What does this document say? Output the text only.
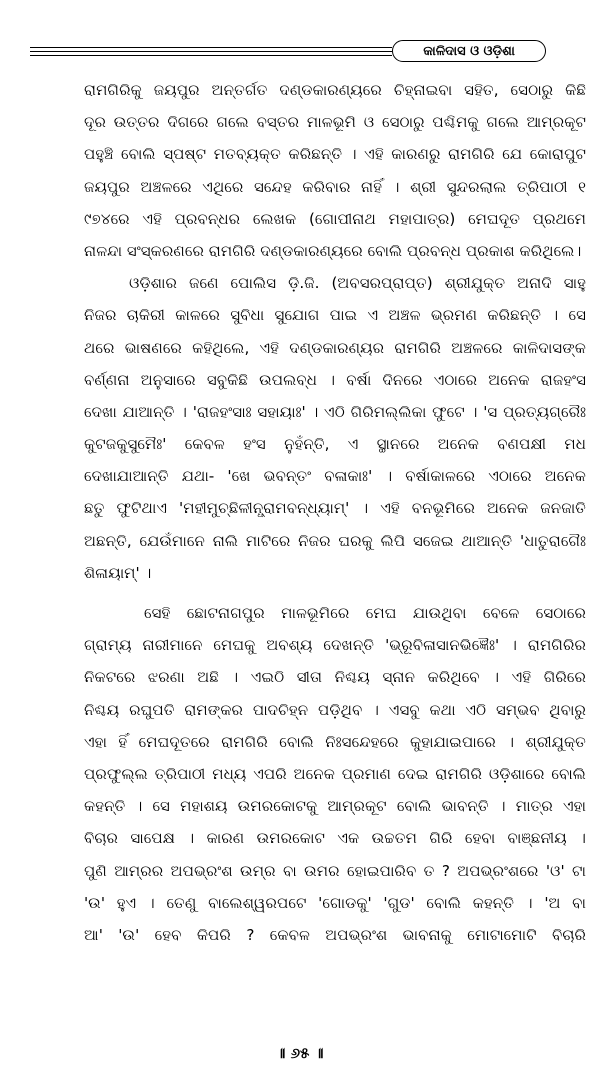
କାଳିଦାସ ଓ ଓଡ଼ିଶା
ରାମଗିରିକୁ ଜୟପୁର ଅନ୍ତର୍ଗତ ଦଣ୍ଡକାରଣ୍ୟରେ ଚିହ୍ନାଇବା ସହିତ, ସେଠାରୁ କିଛି
ଦୂର ଉତ୍ତର ଦିଗରେ ଗଲେ ବସ୍ତର ମାଳଭୂମି ଓ ସେଠାରୁ ପଶ୍ଚିମକୁ ଗଲେ ଆମ୍ରକୂଟ
ପହୁଞ୍ଚି ବୋଲି ସ୍ପଷ୍ଟ ମତବ୍ୟକ୍ତ କରିଛନ୍ତି । ଏହି କାରଣରୁ ରାମଗିରି ଯେ କୋରାପୁଟ
ଜୟପୁର ଅଞ୍ଚଳରେ ଏଥିରେ ସନ୍ଦେହ କରିବାର ନାହିଁ । ଶ୍ରୀ ସୁନ୍ଦରଲାଲ ତ୍ରିପାଠୀ ୧
୯୭୪ରେ ଏହି ପ୍ରବନ୍ଧର ଲେଖକ (ଗୋପୀନାଥ ମହାପାତ୍ର) ମେଘଦୂତ ପ୍ରଥମେ
ନାଳନ୍ଦା ସଂସ୍କରଣରେ ରାମଗିରି ଦଣ୍ଡକାରଣ୍ୟରେ ବୋଲି ପ୍ରବନ୍ଧ ପ୍ରକାଶ କରିଥିଲେ।
ଓଡ଼ିଶାର ଜଣେ ପୋଲିସ ଡ଼ି.ଜି. (ଅବସରପ୍ରାପ୍ତ) ଶ୍ରୀଯୁକ୍ତ ଅନାଦି ସାହୁ
ନିଜର ଚାକିରୀ କାଳରେ ସୁବିଧା ସୁଯୋଗ ପାଇ ଏ ଅଞ୍ଚଳ ଭ୍ରମଣ କରିଛନ୍ତି । ସେ
ଥରେ ଭାଷଣରେ କହିଥିଲେ, ଏହି ଦଣ୍ଡକାରଣ୍ୟର ରାମଗିରି ଅଞ୍ଚଳରେ କାଳିଦାସଙ୍କ
ବର୍ଣ୍ଣନା ଅନୁସାରେ ସବୁକିଛି ଉପଲବ୍ଧ । ବର୍ଷା ଦିନରେ ଏଠାରେ ଅନେକ ରାଜହଂସ
ଦେଖା ଯାଆନ୍ତି । 'ରାଜହଂସାଃ ସହାୟାଃ' । ଏଠି ଗିରିମଲ୍ଲିକା ଫୁଟେ । 'ସ ପ୍ରତ୍ୟଗ୍ରୈଃ
କୁଟଜକୁସୁମୈଃ' କେବଳ ହଂସ ନୁହଁନ୍ତି, ଏ ସ୍ଥାନରେ ଅନେକ ବଣପକ୍ଷୀ ମଧ
ଦେଖାଯାଆନ୍ତି ଯଥା- 'ଖେ ଭବନ୍ତଂ ବଳାକାଃ' । ବର୍ଷାକାଳରେ ଏଠାରେ ଅନେକ
ଛତୁ ଫୁଟିଥାଏ 'ମହୀମୁଚ୍ଛିଳୀନ୍ଧ୍ରାମବନ୍ଧ୍ୟାମ୍' । ଏହି ବନଭୂମିରେ ଅନେକ ଜନଜାତି
ଅଛନ୍ତି, ଯେଉଁମାନେ ନାଲି ମାଟିରେ ନିଜର ଘରକୁ ଲିପି ସଜେଇ ଥାଆନ୍ତି 'ଧାତୁରାଗୈଃ
ଶିଳାୟାମ୍' ।
ସେହି ଛୋଟନାଗପୁର ମାଳଭୂମିରେ ମେଘ ଯାଉଥିବା ବେଳେ ସେଠାରେ
ଗ୍ରାମ୍ୟ ନାରୀମାନେ ମେଘକୁ ଅବଶ୍ୟ ଦେଖନ୍ତି 'ଭ୍ରୂବିଳାସାନଭିଜ୍ଞୈଃ' । ରାମଗିରିର
ନିକଟରେ ଝରଣା ଅଛି । ଏଇଠି ସୀତା ନିଶ୍ଚୟ ସ୍ନାନ କରିଥିବେ । ଏହି ଗିରିରେ
ନିଶ୍ଚୟ ରଘୁପତି ରାମଙ୍କର ପାଦଚିହ୍ନ ପଡ଼ିଥିବ । ଏସବୁ କଥା ଏଠି ସମ୍ଭବ ଥିବାରୁ
ଏହା ହିଁ ମେଘଦୂତରେ ରାମଗିରି ବୋଲି ନିଃସନ୍ଦେହରେ କୁହାଯାଇପାରେ । ଶ୍ରୀଯୁକ୍ତ
ପ୍ରଫୁଲ୍ଲ ତ୍ରିପାଠୀ ମଧ୍ୟ ଏପରି ଅନେକ ପ୍ରମାଣ ଦେଇ ରାମଗିରି ଓଡ଼ିଶାରେ ବୋଲି
କହନ୍ତି । ସେ ମହାଶୟ ଉମରକୋଟକୁ ଆମ୍ରକୂଟ ବୋଲି ଭାବନ୍ତି । ମାତ୍ର ଏହା
ବିଚାର ସାପେକ୍ଷ । କାରଣ ଉମରକୋଟ ଏକ ଉଚ୍ଚତମ ଗିରି ହେବା ବାଞ୍ଛନୀୟ ।
ପୁଣି ଆମ୍ରର ଅପଭ୍ରଂଶ ଉମ୍ର ବା ଉମର ହୋଇପାରିବ ତ ? ଅପଭ୍ରଂଶରେ 'ଓ' ଟା
'ଉ' ହୁଏ । ତେଣୁ ବାଲେଶ୍ୱରପଟେ 'ଗୋଡକୁ' 'ଗୁଡ' ବୋଲି କହନ୍ତି । 'ଅ ବା
ଆ' 'ଉ' ହେବ କିପରି ? କେବଳ ଅପଭ୍ରଂଶ ଭାବନାକୁ ମୋଟାମୋଟି ବିଚାରି
॥ ୬୫ ॥
